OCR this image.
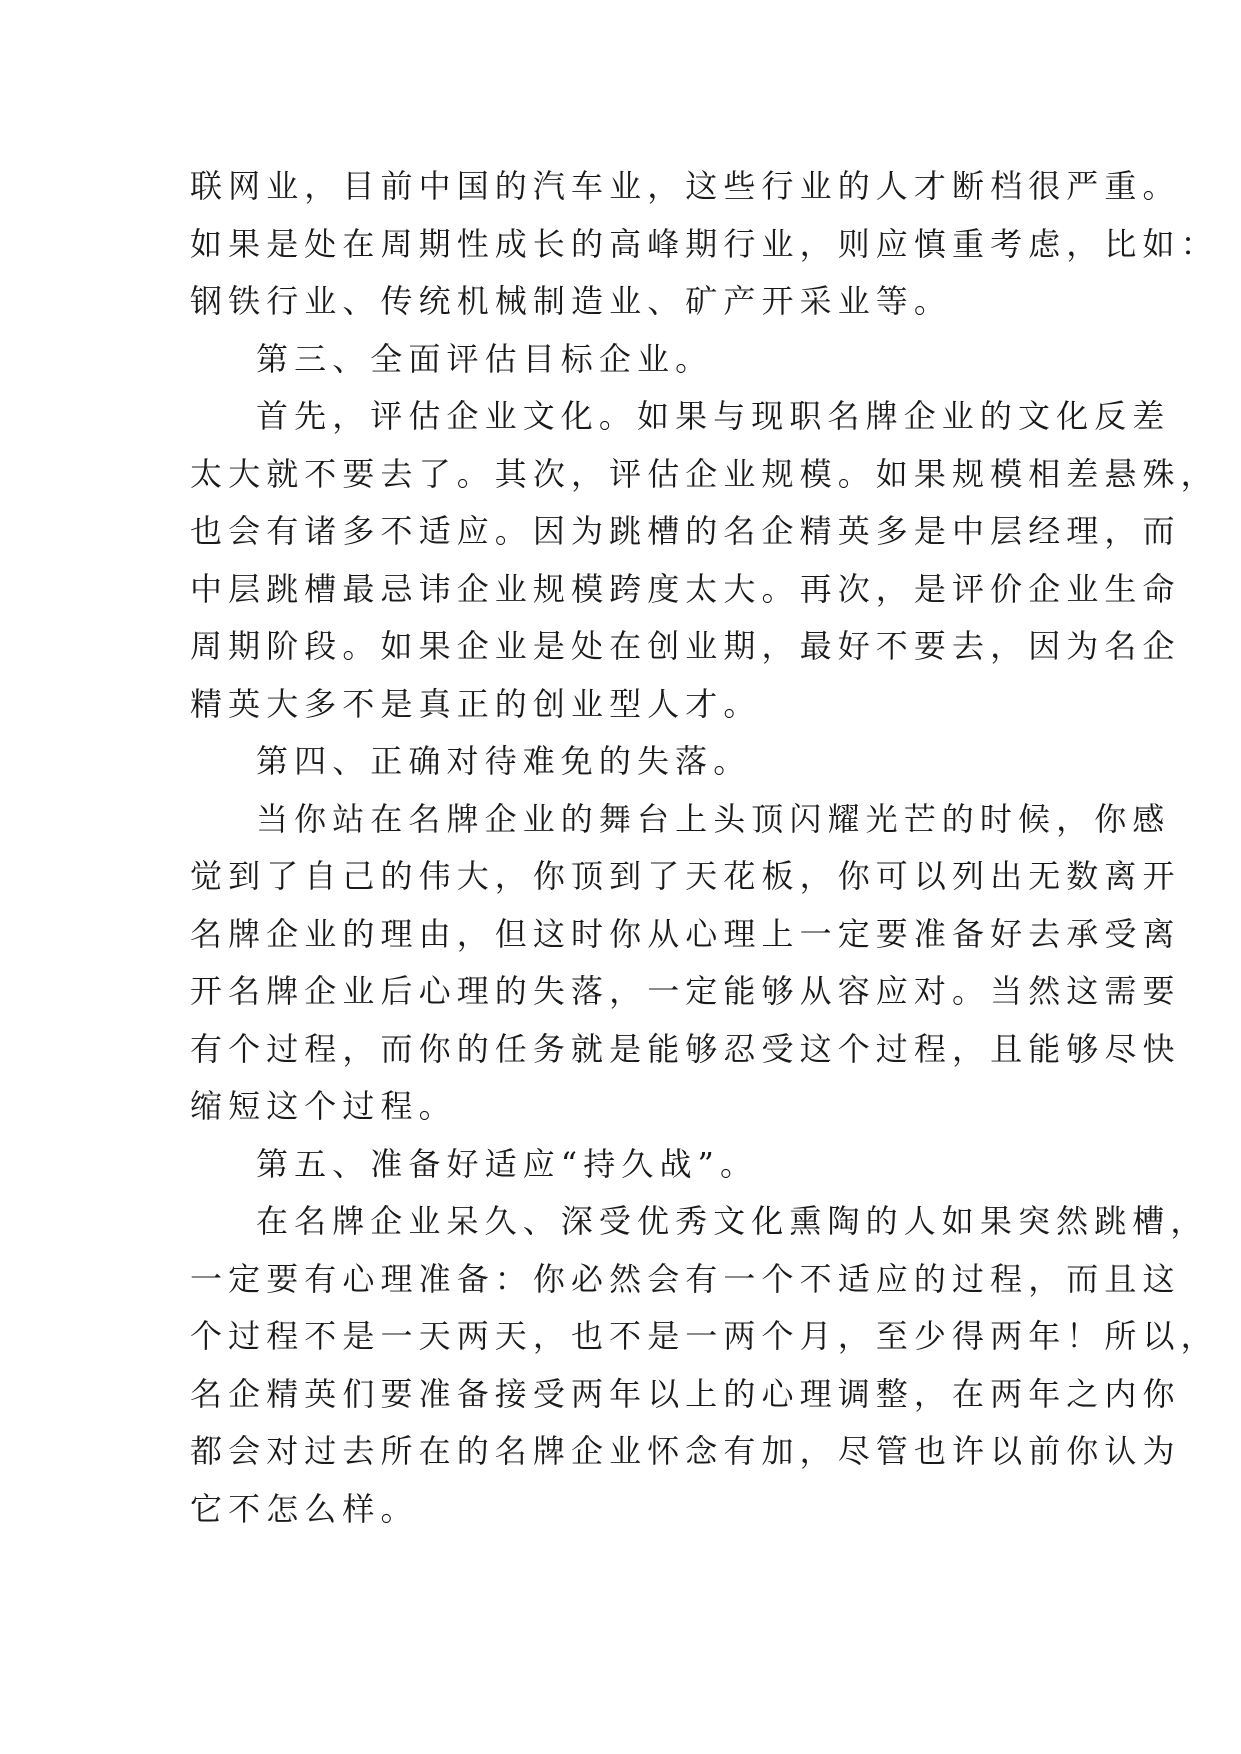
联网业，目前中国的汽车业，这些行业的人才断档很严重。
如果是处在周期性成长的高峰期行业，则应慎重考虑，比如：
钢铁行业、传统机械制造业、矿产开采业等。
第三、全面评估目标企业。
首先，评估企业文化。如果与现职名牌企业的文化反差
太大就不要去了。其次，评估企业规模。如果规模相差悬殊，
也会有诸多不适应。因为跳槽的名企精英多是中层经理，而
中层跳槽最忌讳企业规模跨度太大。再次，是评价企业生命
周期阶段。如果企业是处在创业期，最好不要去，因为名企
精英大多不是真正的创业型人才。
第四、正确对待难免的失落。
当你站在名牌企业的舞台上头顶闪耀光芒的时候，你感
觉到了自己的伟大，你顶到了天花板，你可以列出无数离开
名牌企业的理由，但这时你从心理上一定要准备好去承受离
开名牌企业后心理的失落，一定能够从容应对。当然这需要
有个过程，而你的任务就是能够忍受这个过程，且能够尽快
缩短这个过程。
第五、准备好适应“持久战”。
在名牌企业呆久、深受优秀文化熏陶的人如果突然跳槽，
一定要有心理准备：你必然会有一个不适应的过程，而且这
个过程不是一天两天，也不是一两个月，至少得两年！所以，
名企精英们要准备接受两年以上的心理调整，在两年之内你
都会对过去所在的名牌企业怀念有加，尽管也许以前你认为
它不怎么样。
